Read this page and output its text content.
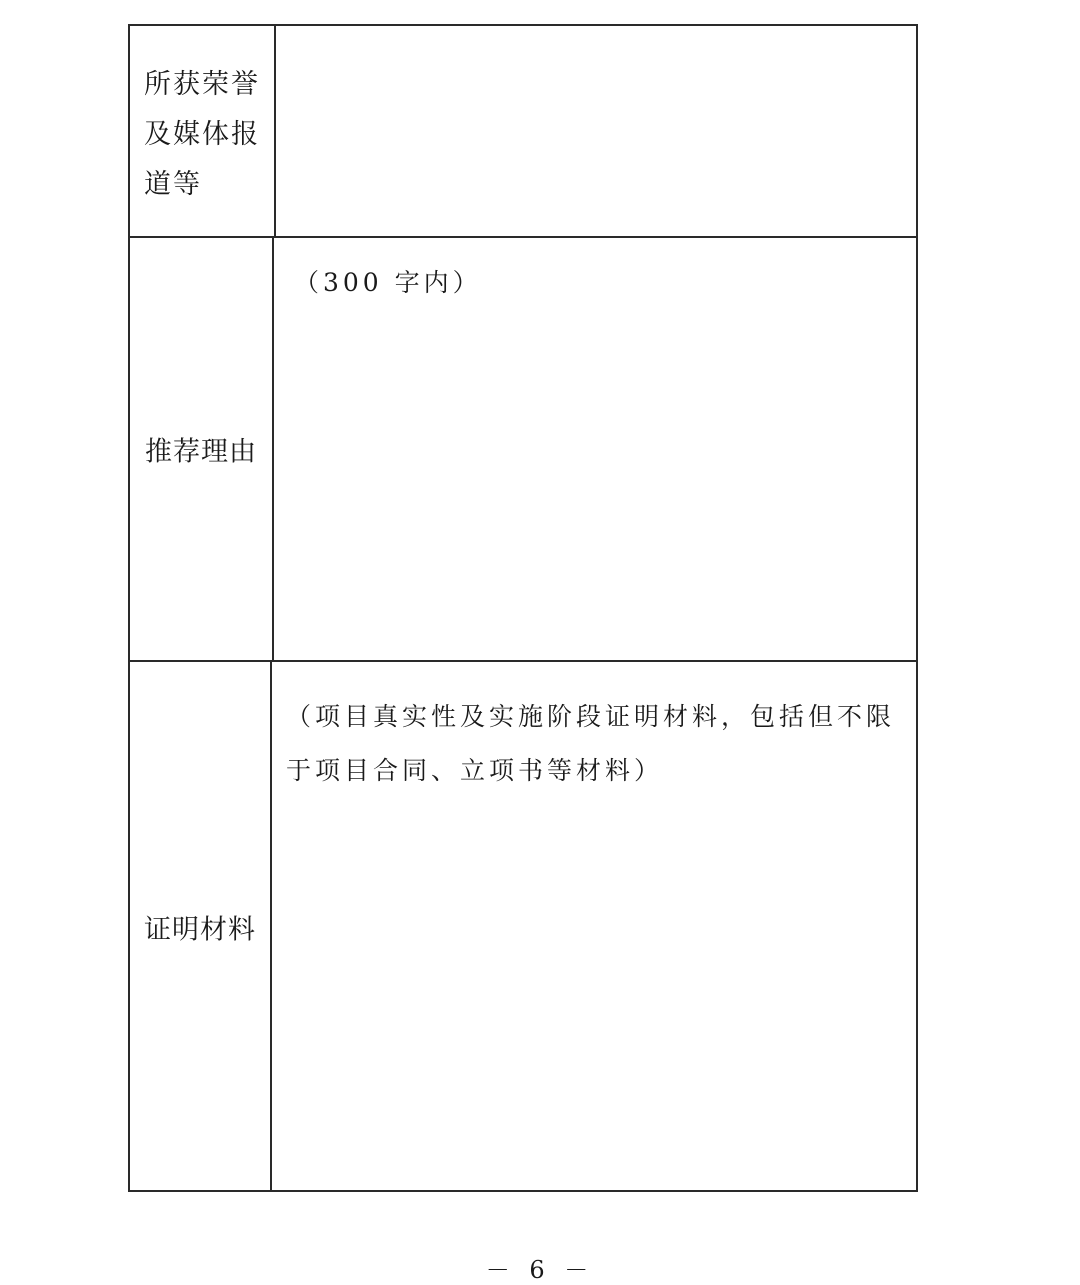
所获荣誉
及媒体报
道等
推荐理由
（300 字内）
证明材料
（项目真实性及实施阶段证明材料，包括但不限于项目合同、立项书等材料）
－ 6 －
